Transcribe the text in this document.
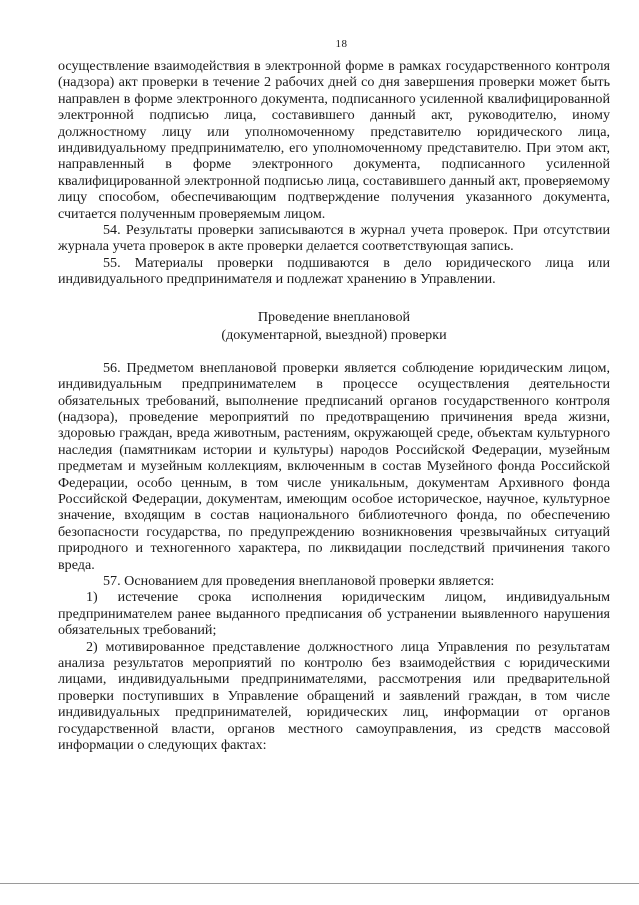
18

осуществление взаимодействия в электронной форме в рамках государственного контроля (надзора) акт проверки в течение 2 рабочих дней со дня завершения проверки может быть направлен в форме электронного документа, подписанного усиленной квалифицированной электронной подписью лица, составившего данный акт, руководителю, иному должностному лицу или уполномоченному представителю юридического лица, индивидуальному предпринимателю, его уполномоченному представителю. При этом акт, направленный в форме электронного документа, подписанного усиленной квалифицированной электронной подписью лица, составившего данный акт, проверяемому лицу способом, обеспечивающим подтверждение получения указанного документа, считается полученным проверяемым лицом.

54. Результаты проверки записываются в журнал учета проверок. При отсутствии журнала учета проверок в акте проверки делается соответствующая запись.

55. Материалы проверки подшиваются в дело юридического лица или индивидуального предпринимателя и подлежат хранению в Управлении.

Проведение внеплановой
(документарной, выездной) проверки

56. Предметом внеплановой проверки является соблюдение юридическим лицом, индивидуальным предпринимателем в процессе осуществления деятельности обязательных требований, выполнение предписаний органов государственного контроля (надзора), проведение мероприятий по предотвращению причинения вреда жизни, здоровью граждан, вреда животным, растениям, окружающей среде, объектам культурного наследия (памятникам истории и культуры) народов Российской Федерации, музейным предметам и музейным коллекциям, включенным в состав Музейного фонда Российской Федерации, особо ценным, в том числе уникальным, документам Архивного фонда Российской Федерации, документам, имеющим особое историческое, научное, культурное значение, входящим в состав национального библиотечного фонда, по обеспечению безопасности государства, по предупреждению возникновения чрезвычайных ситуаций природного и техногенного характера, по ликвидации последствий причинения такого вреда.

57. Основанием для проведения внеплановой проверки является:

1) истечение срока исполнения юридическим лицом, индивидуальным предпринимателем ранее выданного предписания об устранении выявленного нарушения обязательных требований;

2) мотивированное представление должностного лица Управления по результатам анализа результатов мероприятий по контролю без взаимодействия с юридическими лицами, индивидуальными предпринимателями, рассмотрения или предварительной проверки поступивших в Управление обращений и заявлений граждан, в том числе индивидуальных предпринимателей, юридических лиц, информации от органов государственной власти, органов местного самоуправления, из средств массовой информации о следующих фактах:
